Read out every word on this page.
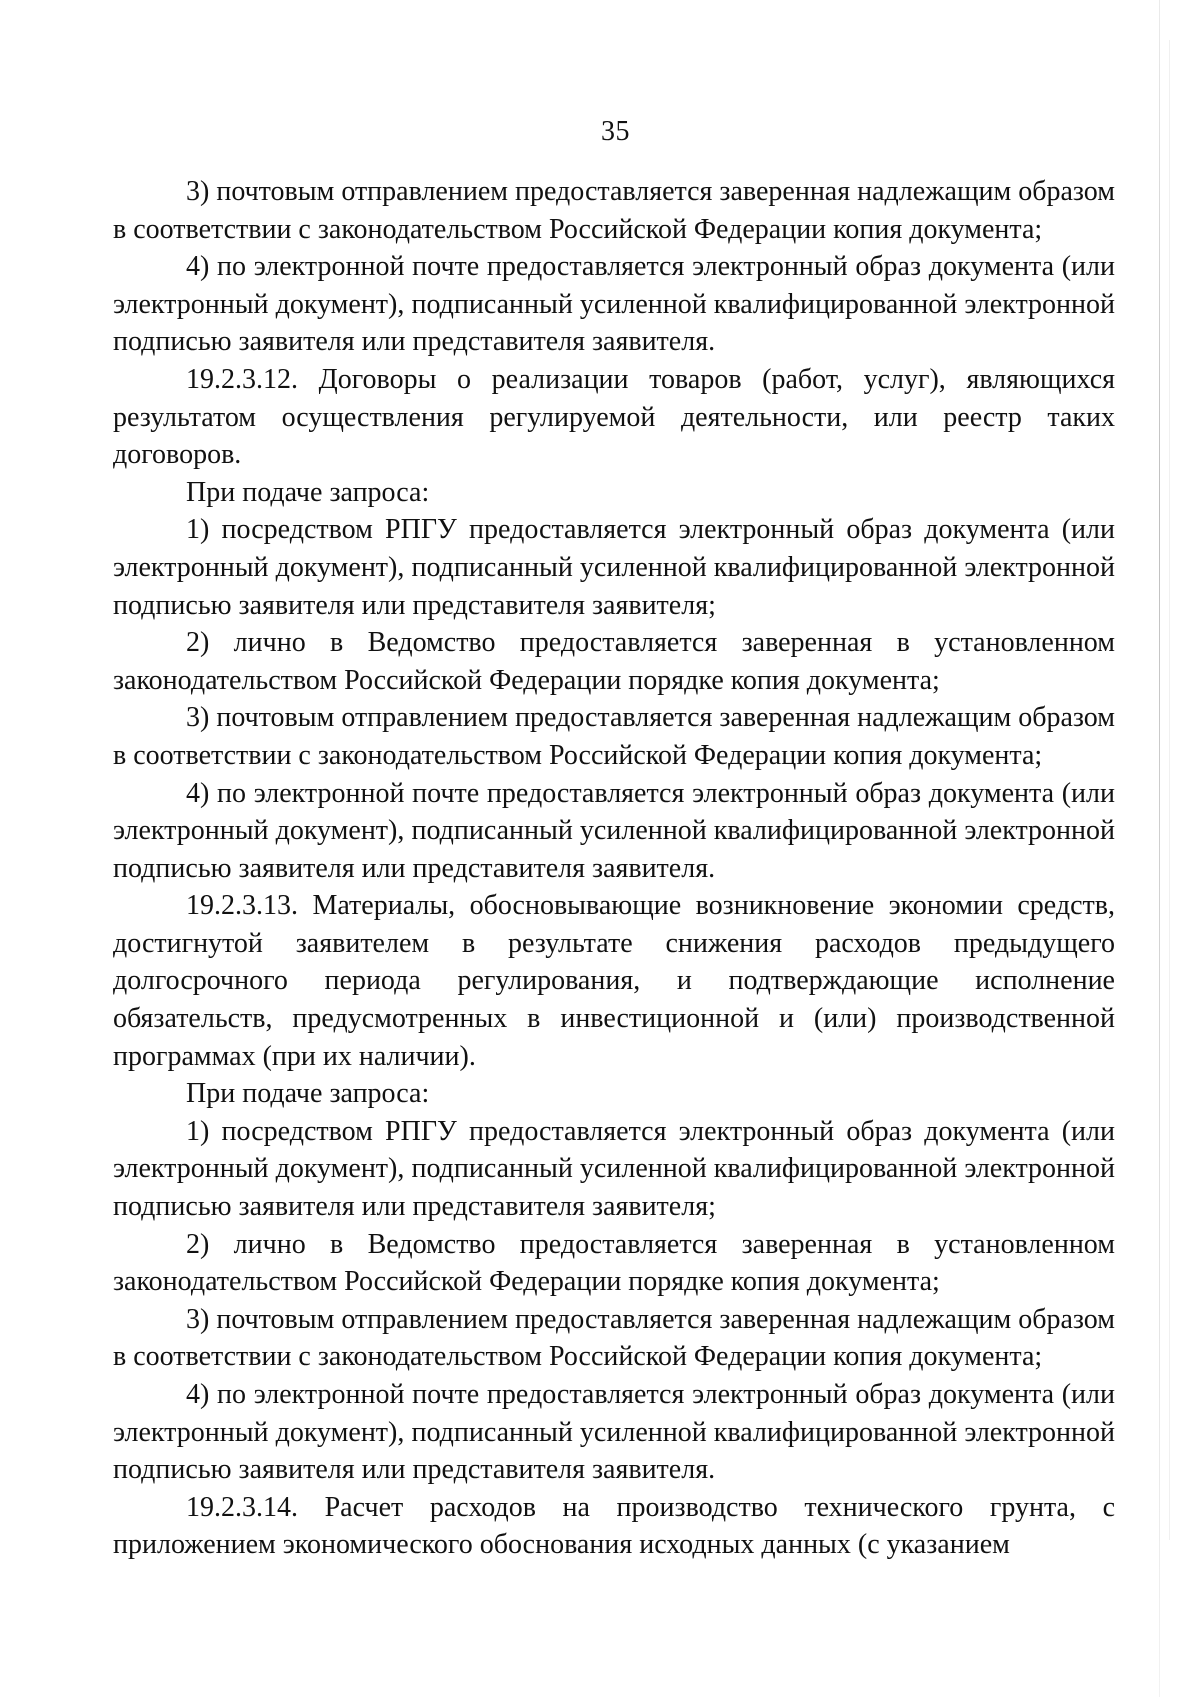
35

3) почтовым отправлением предоставляется заверенная надлежащим образом в соответствии с законодательством Российской Федерации копия документа;

4) по электронной почте предоставляется электронный образ документа (или электронный документ), подписанный усиленной квалифицированной электронной подписью заявителя или представителя заявителя.

19.2.3.12. Договоры о реализации товаров (работ, услуг), являющихся результатом осуществления регулируемой деятельности, или реестр таких договоров.

При подаче запроса:

1) посредством РПГУ предоставляется электронный образ документа (или электронный документ), подписанный усиленной квалифицированной электронной подписью заявителя или представителя заявителя;

2) лично в Ведомство предоставляется заверенная в установленном законодательством Российской Федерации порядке копия документа;

3) почтовым отправлением предоставляется заверенная надлежащим образом в соответствии с законодательством Российской Федерации копия документа;

4) по электронной почте предоставляется электронный образ документа (или электронный документ), подписанный усиленной квалифицированной электронной подписью заявителя или представителя заявителя.

19.2.3.13. Материалы, обосновывающие возникновение экономии средств, достигнутой заявителем в результате снижения расходов предыдущего долгосрочного периода регулирования, и подтверждающие исполнение обязательств, предусмотренных в инвестиционной и (или) производственной программах (при их наличии).

При подаче запроса:

1) посредством РПГУ предоставляется электронный образ документа (или электронный документ), подписанный усиленной квалифицированной электронной подписью заявителя или представителя заявителя;

2) лично в Ведомство предоставляется заверенная в установленном законодательством Российской Федерации порядке копия документа;

3) почтовым отправлением предоставляется заверенная надлежащим образом в соответствии с законодательством Российской Федерации копия документа;

4) по электронной почте предоставляется электронный образ документа (или электронный документ), подписанный усиленной квалифицированной электронной подписью заявителя или представителя заявителя.

19.2.3.14. Расчет расходов на производство технического грунта, с приложением экономического обоснования исходных данных (с указанием
